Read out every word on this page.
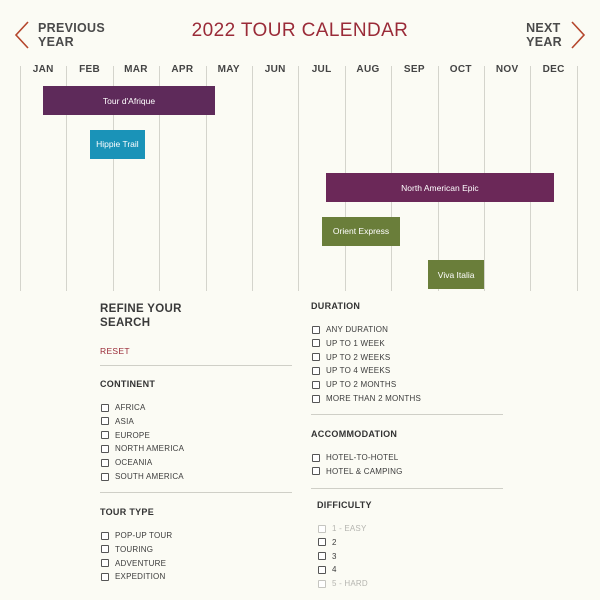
PREVIOUS
YEAR
2022 TOUR CALENDAR	NEXT
YEAR
JAN	FEB	MAR	APR	MAY	JUN	JUL	AUG	SEP	OCT	NOV	DEC
Tour d'Afrique
Hippie Trail
North American Epic
Orient Express
Viva Italia
REFINE YOUR
SEARCH
RESET
CONTINENT
AFRICA
ASIA
EUROPE
NORTH AMERICA
OCEANIA
SOUTH AMERICA
TOUR TYPE
POP-UP TOUR
TOURING
ADVENTURE
EXPEDITION
DURATION
ANY DURATION
UP TO 1 WEEK
UP TO 2 WEEKS
UP TO 4 WEEKS
UP TO 2 MONTHS
MORE THAN 2 MONTHS
ACCOMMODATION
HOTEL-TO-HOTEL
HOTEL & CAMPING
DIFFICULTY
1 - EASY
2
3
4
5 - HARD
